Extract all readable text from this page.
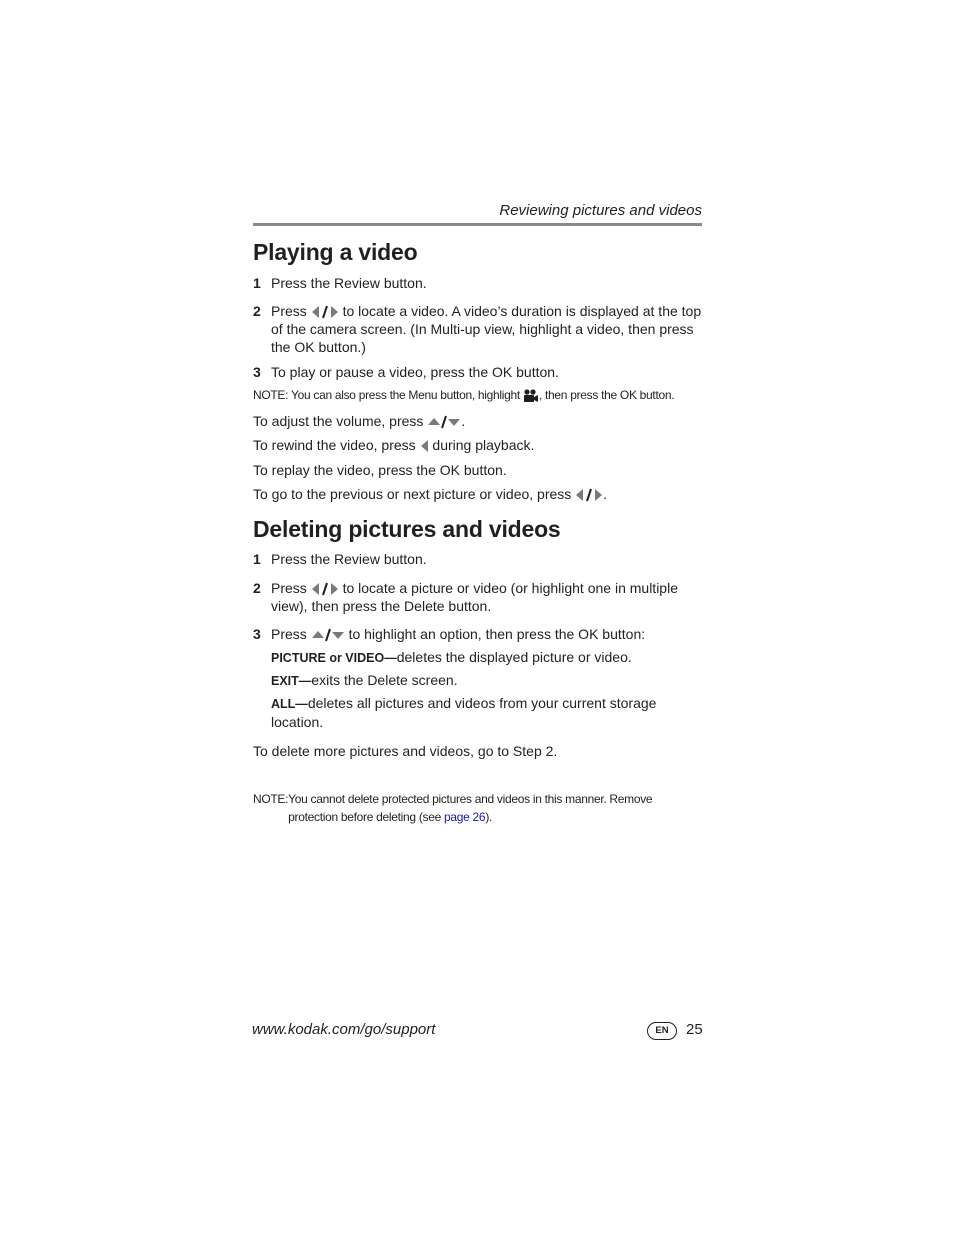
Reviewing pictures and videos
Playing a video
1 Press the Review button.
2 Press	to locate a video. A video’s duration is displayed at the top of the camera screen. (In Multi-up view, highlight a video, then press the OK button.)
3 To play or pause a video, press the OK button.
NOTE: You can also press the Menu button, highlight , then press the OK button.
To adjust the volume, press	.
To rewind the video, press during playback.
To replay the video, press the OK button.
To go to the previous or next picture or video, press .
Deleting pictures and videos
1 Press the Review button.
2 Press	to locate a picture or video (or highlight one in multiple view), then press the Delete button.
3 Press	to highlight an option, then press the OK button:
PICTURE or VIDEO—deletes the displayed picture or video.
EXIT—exits the Delete screen.
ALL—deletes all pictures and videos from your current storage location.
To delete more pictures and videos, go to Step 2.
NOTE: You cannot delete protected pictures and videos in this manner. Remove protection before deleting (see page 26).
www.kodak.com/go/support	EN	25
